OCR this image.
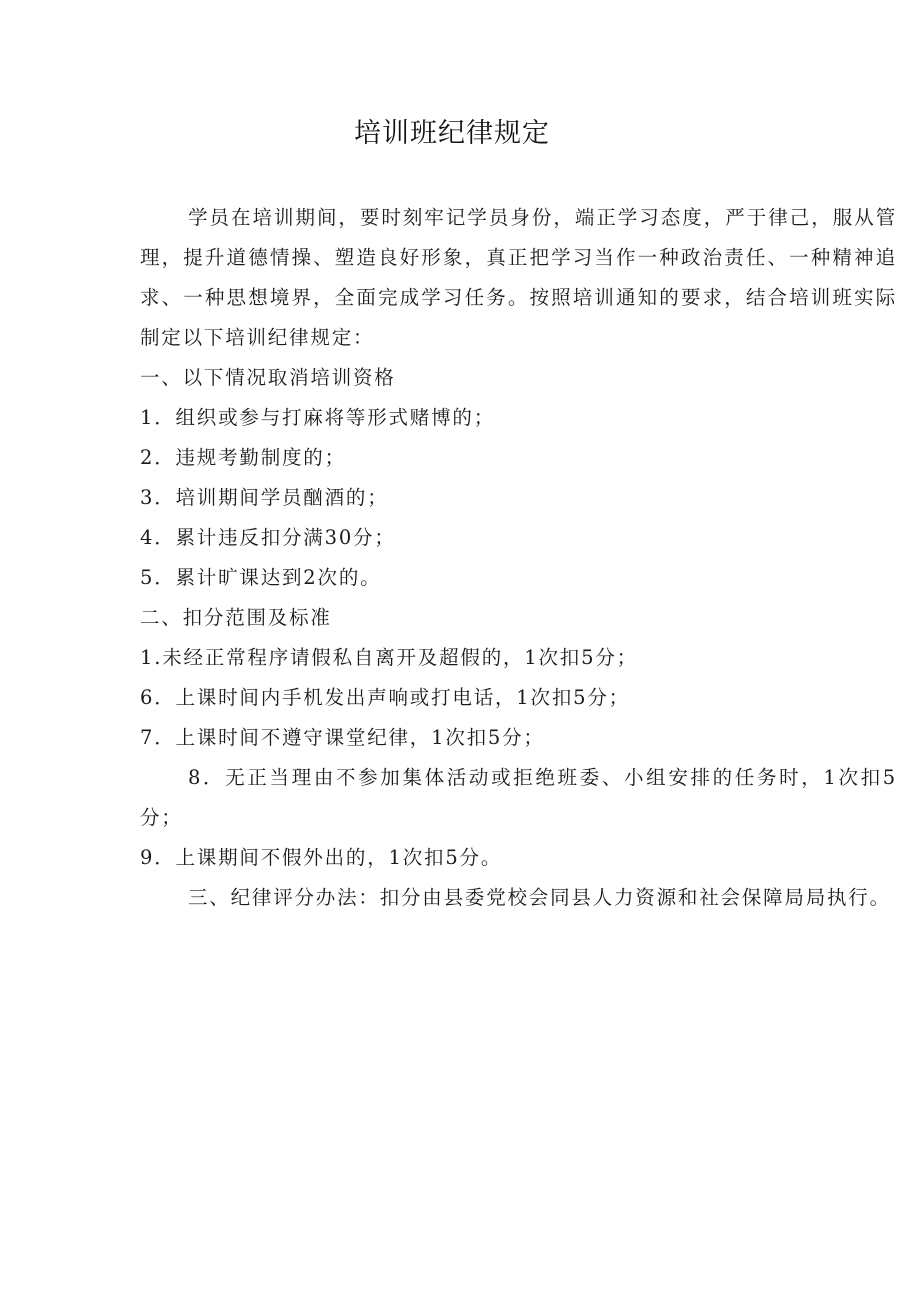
培训班纪律规定

学员在培训期间，要时刻牢记学员身份，端正学习态度，严于律己，服从管理，提升道德情操、塑造良好形象，真正把学习当作一种政治责任、一种精神追求、一种思想境界，全面完成学习任务。按照培训通知的要求，结合培训班实际制定以下培训纪律规定：

一、以下情况取消培训资格

1．组织或参与打麻将等形式赌博的；

2．违规考勤制度的；

3．培训期间学员酗酒的；

4．累计违反扣分满30分；

5．累计旷课达到2次的。

二、扣分范围及标准

1.未经正常程序请假私自离开及超假的，1次扣5分；

6．上课时间内手机发出声响或打电话，1次扣5分；

7．上课时间不遵守课堂纪律，1次扣5分；

8．无正当理由不参加集体活动或拒绝班委、小组安排的任务时，1次扣5分；

9．上课期间不假外出的，1次扣5分。

三、纪律评分办法：扣分由县委党校会同县人力资源和社会保障局局执行。
